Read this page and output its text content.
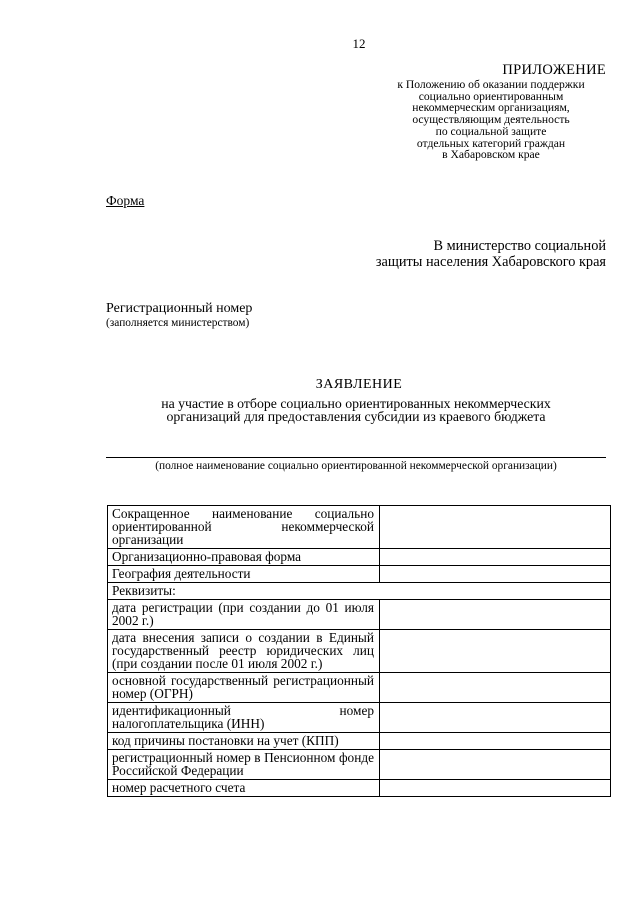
12
ПРИЛОЖЕНИЕ
к Положению об оказании поддержки
социально ориентированным
некоммерческим организациям,
осуществляющим деятельность
по социальной защите
отдельных категорий граждан
в Хабаровском крае
Форма
В министерство социальной
защиты населения Хабаровского края
Регистрационный номер
(заполняется министерством)
ЗАЯВЛЕНИЕ
на участие в отборе социально ориентированных некоммерческих
организаций для предоставления субсидии из краевого бюджета
(полное наименование социально ориентированной некоммерческой организации)
Сокращенное наименование социально ориентированной некоммерческой организации	
Организационно-правовая форма	
География деятельности	
Реквизиты:	
дата регистрации (при создании до 01 июля 2002 г.)	
дата внесения записи о создании в Единый государственный реестр юридических лиц (при создании после 01 июля 2002 г.)	
основной государственный регистрационный номер (ОГРН)	
идентификационный номер налогоплательщика (ИНН)	
код причины постановки на учет (КПП)	
регистрационный номер в Пенсионном фонде Российской Федерации	
номер расчетного счета	
